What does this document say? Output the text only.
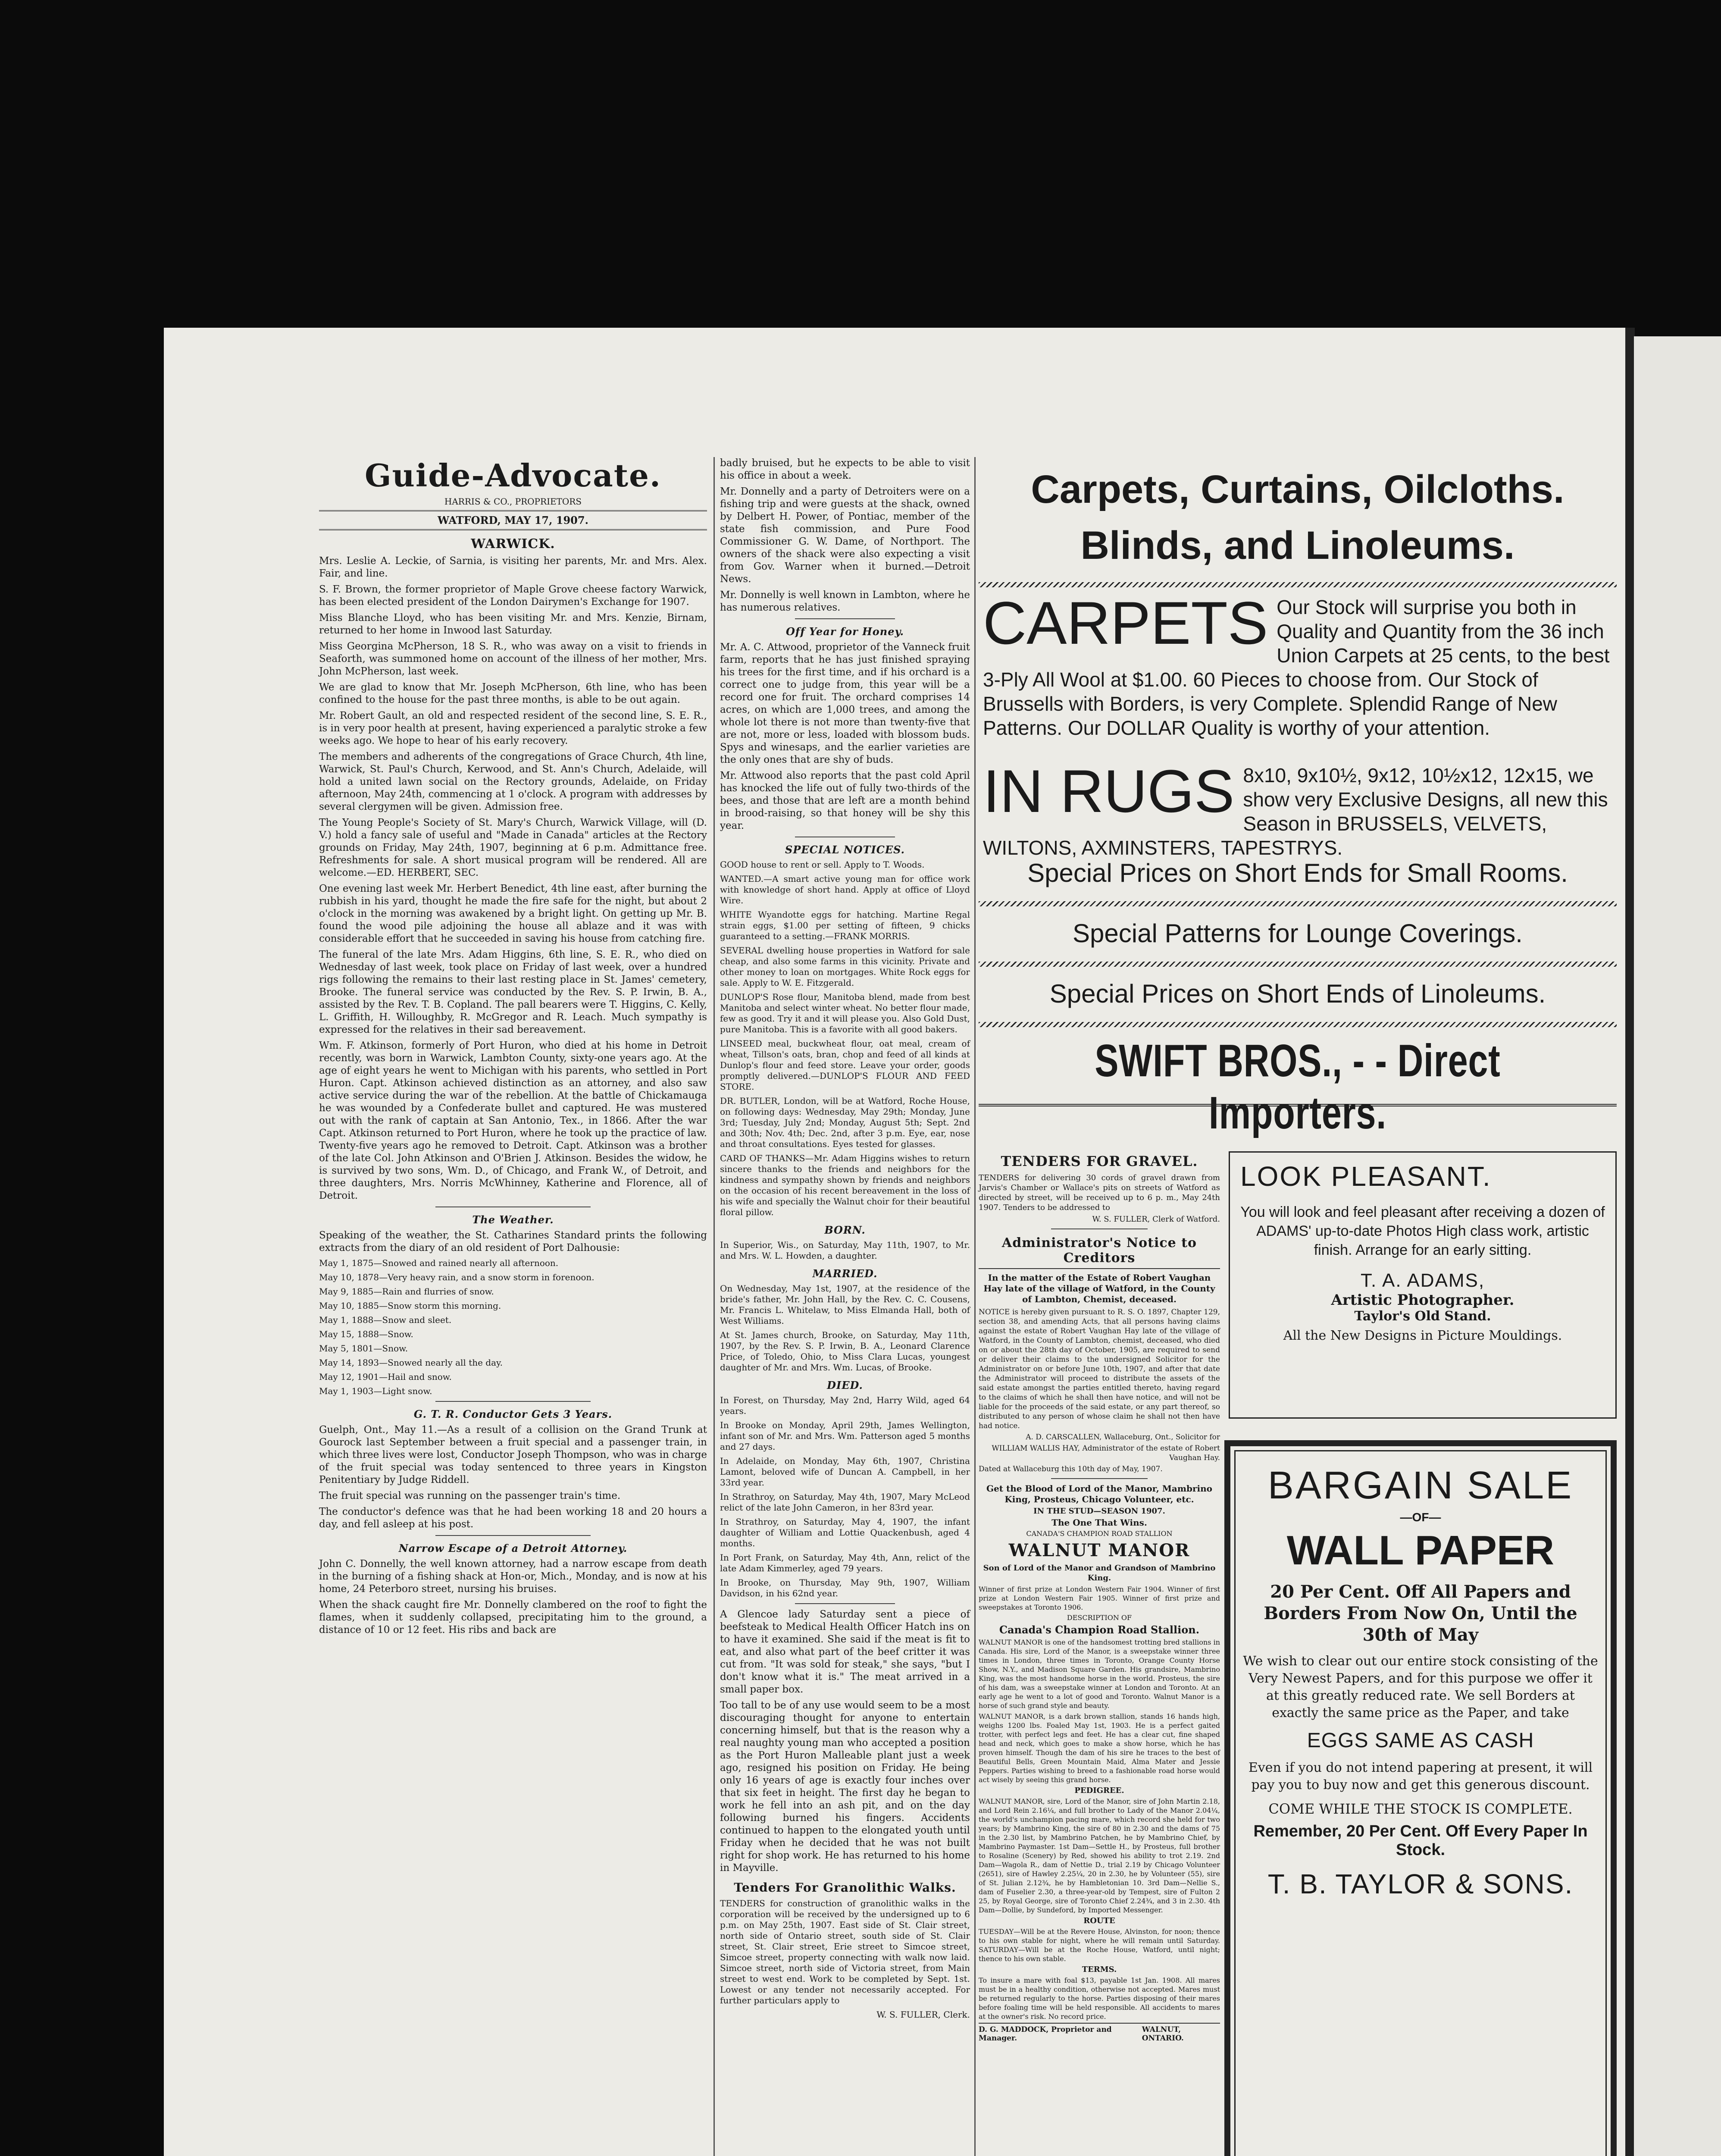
Guide-Advocate.
HARRIS & CO., PROPRIETORS
WATFORD, MAY 17, 1907.
WARWICK.

Mrs. Leslie A. Leckie, of Sarnia, is visiting her parents, Mr. and Mrs. Alex. Fair, and line.

S. F. Brown, the former proprietor of Maple Grove cheese factory Warwick, has been elected president of the London Dairymen's Exchange for 1907.

Miss Blanche Lloyd, who has been visiting Mr. and Mrs. Kenzie, Birnam, returned to her home in Inwood last Saturday.

Miss Georgina McPherson, 18 S. R., who was away on a visit to friends in Seaforth, was summoned home on account of the illness of her mother, Mrs. John McPherson, last week.

We are glad to know that Mr. Joseph McPherson, 6th line, who has been confined to the house for the past three months, is able to be out again.

Mr. Robert Gault, an old and respected resident of the second line, S. E. R., is in very poor health at present, having experienced a paralytic stroke a few weeks ago. We hope to hear of his early recovery.

The members and adherents of the congregations of Grace Church, 4th line, Warwick, St. Paul's Church, Kerwood, and St. Ann's Church, Adelaide, will hold a united lawn social on the Rectory grounds, Adelaide, on Friday afternoon, May 24th, commencing at 1 o'clock. A program with addresses by several clergymen will be given. Admission free.

The Young People's Society of St. Mary's Church, Warwick Village, will (D. V.) hold a fancy sale of useful and "Made in Canada" articles at the Rectory grounds on Friday, May 24th, 1907, beginning at 6 p.m. Admittance free. Refreshments for sale. A short musical program will be rendered. All are welcome.—ED. HERBERT, SEC.

One evening last week Mr. Herbert Benedict, 4th line east, after burning the rubbish in his yard, thought he made the fire safe for the night, but about 2 o'clock in the morning was awakened by a bright light. On getting up Mr. B. found the wood pile adjoining the house all ablaze and it was with considerable effort that he succeeded in saving his house from catching fire.

The funeral of the late Mrs. Adam Higgins, 6th line, S. E. R., who died on Wednesday of last week, took place on Friday of last week, over a hundred rigs following the remains to their last resting place in St. James' cemetery, Brooke. The funeral service was conducted by the Rev. S. P. Irwin, B. A., assisted by the Rev. T. B. Copland. The pall bearers were T. Higgins, C. Kelly, L. Griffith, H. Willoughby, R. McGregor and R. Leach. Much sympathy is expressed for the relatives in their sad bereavement.

Wm. F. Atkinson, formerly of Port Huron, who died at his home in Detroit recently, was born in Warwick, Lambton County, sixty-one years ago. At the age of eight years he went to Michigan with his parents, who settled in Port Huron. Capt. Atkinson achieved distinction as an attorney, and also saw active service during the war of the rebellion. At the battle of Chickamauga he was wounded by a Confederate bullet and captured. He was mustered out with the rank of captain at San Antonio, Tex., in 1866. After the war Capt. Atkinson returned to Port Huron, where he took up the practice of law. Twenty-five years ago he removed to Detroit. Capt. Atkinson was a brother of the late Col. John Atkinson and O'Brien J. Atkinson. Besides the widow, he is survived by two sons, Wm. D., of Chicago, and Frank W., of Detroit, and three daughters, Mrs. Norris McWhinney, Katherine and Florence, all of Detroit.

The Weather.

Speaking of the weather, the St. Catharines Standard prints the following extracts from the diary of an old resident of Port Dalhousie:

May 1, 1875—Snowed and rained nearly all afternoon.

May 10, 1878—Very heavy rain, and a snow storm in forenoon.

May 9, 1885—Rain and flurries of snow.

May 10, 1885—Snow storm this morning.

May 1, 1888—Snow and sleet.

May 15, 1888—Snow.

May 5, 1801—Snow.

May 14, 1893—Snowed nearly all the day.

May 12, 1901—Hail and snow.

May 1, 1903—Light snow.

G. T. R. Conductor Gets 3 Years.

Guelph, Ont., May 11.—As a result of a collision on the Grand Trunk at Gourock last September between a fruit special and a passenger train, in which three lives were lost, Conductor Joseph Thompson, who was in charge of the fruit special was today sentenced to three years in Kingston Penitentiary by Judge Riddell.

The fruit special was running on the passenger train's time.

The conductor's defence was that he had been working 18 and 20 hours a day, and fell asleep at his post.

Narrow Escape of a Detroit Attorney.

John C. Donnelly, the well known attorney, had a narrow escape from death in the burning of a fishing shack at Hon-or, Mich., Monday, and is now at his home, 24 Peterboro street, nursing his bruises.

When the shack caught fire Mr. Donnelly clambered on the roof to fight the flames, when it suddenly collapsed, precipitating him to the ground, a distance of 10 or 12 feet. His ribs and back are

badly bruised, but he expects to be able to visit his office in about a week.

Mr. Donnelly and a party of Detroiters were on a fishing trip and were guests at the shack, owned by Delbert H. Power, of Pontiac, member of the state fish commission, and Pure Food Commissioner G. W. Dame, of Northport. The owners of the shack were also expecting a visit from Gov. Warner when it burned.—Detroit News.

Mr. Donnelly is well known in Lambton, where he has numerous relatives.

Off Year for Honey.

Mr. A. C. Attwood, proprietor of the Vanneck fruit farm, reports that he has just finished spraying his trees for the first time, and if his orchard is a correct one to judge from, this year will be a record one for fruit. The orchard comprises 14 acres, on which are 1,000 trees, and among the whole lot there is not more than twenty-five that are not, more or less, loaded with blossom buds. Spys and winesaps, and the earlier varieties are the only ones that are shy of buds.

Mr. Attwood also reports that the past cold April has knocked the life out of fully two-thirds of the bees, and those that are left are a month behind in brood-raising, so that honey will be shy this year.

SPECIAL NOTICES.

GOOD house to rent or sell. Apply to T. Woods.

WANTED.—A smart active young man for office work with knowledge of short hand. Apply at office of Lloyd Wire.

WHITE Wyandotte eggs for hatching. Martine Regal strain eggs, $1.00 per setting of fifteen, 9 chicks guaranteed to a setting.—FRANK MORRIS.

SEVERAL dwelling house properties in Watford for sale cheap, and also some farms in this vicinity. Private and other money to loan on mortgages. White Rock eggs for sale. Apply to W. E. Fitzgerald.

DUNLOP'S Rose flour, Manitoba blend, made from best Manitoba and select winter wheat. No better flour made, few as good. Try it and it will please you. Also Gold Dust, pure Manitoba. This is a favorite with all good bakers.

LINSEED meal, buckwheat flour, oat meal, cream of wheat, Tillson's oats, bran, chop and feed of all kinds at Dunlop's flour and feed store. Leave your order, goods promptly delivered.—DUNLOP'S FLOUR AND FEED STORE.

DR. BUTLER, London, will be at Watford, Roche House, on following days: Wednesday, May 29th; Monday, June 3rd; Tuesday, July 2nd; Monday, August 5th; Sept. 2nd and 30th; Nov. 4th; Dec. 2nd, after 3 p.m. Eye, ear, nose and throat consultations. Eyes tested for glasses.

CARD OF THANKS—Mr. Adam Higgins wishes to return sincere thanks to the friends and neighbors for the kindness and sympathy shown by friends and neighbors on the occasion of his recent bereavement in the loss of his wife and specially the Walnut choir for their beautiful floral pillow.

BORN.

In Superior, Wis., on Saturday, May 11th, 1907, to Mr. and Mrs. W. L. Howden, a daughter.

MARRIED.

On Wednesday, May 1st, 1907, at the residence of the bride's father, Mr. John Hall, by the Rev. C. C. Cousens, Mr. Francis L. Whitelaw, to Miss Elmanda Hall, both of West Williams.

At St. James church, Brooke, on Saturday, May 11th, 1907, by the Rev. S. P. Irwin, B. A., Leonard Clarence Price, of Toledo, Ohio, to Miss Clara Lucas, youngest daughter of Mr. and Mrs. Wm. Lucas, of Brooke.

DIED.

In Forest, on Thursday, May 2nd, Harry Wild, aged 64 years.

In Brooke on Monday, April 29th, James Wellington, infant son of Mr. and Mrs. Wm. Patterson aged 5 months and 27 days.

In Adelaide, on Monday, May 6th, 1907, Christina Lamont, beloved wife of Duncan A. Campbell, in her 33rd year.

In Strathroy, on Saturday, May 4th, 1907, Mary McLeod relict of the late John Cameron, in her 83rd year.

In Strathroy, on Saturday, May 4, 1907, the infant daughter of William and Lottie Quackenbush, aged 4 months.

In Port Frank, on Saturday, May 4th, Ann, relict of the late Adam Kimmerley, aged 79 years.

In Brooke, on Thursday, May 9th, 1907, William Davidson, in his 62nd year.

A Glencoe lady Saturday sent a piece of beefsteak to Medical Health Officer Hatch ins on to have it examined. She said if the meat is fit to eat, and also what part of the beef critter it was cut from. "It was sold for steak," she says, "but I don't know what it is." The meat arrived in a small paper box.

Too tall to be of any use would seem to be a most discouraging thought for anyone to entertain concerning himself, but that is the reason why a real naughty young man who accepted a position as the Port Huron Malleable plant just a week ago, resigned his position on Friday. He being only 16 years of age is exactly four inches over that six feet in height. The first day he began to work he fell into an ash pit, and on the day following burned his fingers. Accidents continued to happen to the elongated youth until Friday when he decided that he was not built right for shop work. He has returned to his home in Mayville.

Tenders For Granolithic Walks.

TENDERS for construction of granolithic walks in the corporation will be received by the undersigned up to 6 p.m. on May 25th, 1907. East side of St. Clair street, north side of Ontario street, south side of St. Clair street, St. Clair street, Erie street to Simcoe street, Simcoe street, property connecting with walk now laid. Simcoe street, north side of Victoria street, from Main street to west end. Work to be completed by Sept. 1st. Lowest or any tender not necessarily accepted. For further particulars apply to

W. S. FULLER, Clerk.

Carpets, Curtains, Oilcloths.
Blinds, and Linoleums.
CARPETS Our Stock will surprise you both in Quality and Quantity from the 36 inch Union Carpets at 25 cents, to the best 3-Ply All Wool at $1.00. 60 Pieces to choose from. Our Stock of Brussells with Borders, is very Complete. Splendid Range of New Patterns. Our DOLLAR Quality is worthy of your attention.
IN RUGS 8x10, 9x10½, 9x12, 10½x12, 12x15, we show very Exclusive Designs, all new this Season in BRUSSELS, VELVETS, WILTONS, AXMINSTERS, TAPESTRYS.
Special Prices on Short Ends for Small Rooms.
Special Patterns for Lounge Coverings.
Special Prices on Short Ends of Linoleums.
SWIFT BROS., - - Direct Importers.
TENDERS FOR GRAVEL.

TENDERS for delivering 30 cords of gravel drawn from Jarvis's Chamber or Wallace's pits on streets of Watford as directed by street, will be received up to 6 p. m., May 24th 1907. Tenders to be addressed to

W. S. FULLER, Clerk of Watford.

Administrator's Notice to Creditors

In the matter of the Estate of Robert Vaughan Hay late of the village of Watford, in the County of Lambton, Chemist, deceased.

NOTICE is hereby given pursuant to R. S. O. 1897, Chapter 129, section 38, and amending Acts, that all persons having claims against the estate of Robert Vaughan Hay late of the village of Watford, in the County of Lambton, chemist, deceased, who died on or about the 28th day of October, 1905, are required to send or deliver their claims to the undersigned Solicitor for the Administrator on or before June 10th, 1907, and after that date the Administrator will proceed to distribute the assets of the said estate amongst the parties entitled thereto, having regard to the claims of which he shall then have notice, and will not be liable for the proceeds of the said estate, or any part thereof, so distributed to any person of whose claim he shall not then have had notice.

A. D. CARSCALLEN, Wallaceburg, Ont., Solicitor for

WILLIAM WALLIS HAY, Administrator of the estate of Robert Vaughan Hay.

Dated at Wallaceburg this 10th day of May, 1907.

Get the Blood of Lord of the Manor, Mambrino King, Prosteus, Chicago Volunteer, etc.

IN THE STUD—SEASON 1907.

The One That Wins.

CANADA'S CHAMPION ROAD STALLION

WALNUT MANOR

Son of Lord of the Manor and Grandson of Mambrino King.

Winner of first prize at London Western Fair 1904. Winner of first prize at London Western Fair 1905. Winner of first prize and sweepstakes at Toronto 1906.

DESCRIPTION OF

Canada's Champion Road Stallion.

WALNUT MANOR is one of the handsomest trotting bred stallions in Canada. His sire, Lord of the Manor, is a sweepstake winner three times in London, three times in Toronto, Orange County Horse Show, N.Y., and Madison Square Garden. His grandsire, Mambrino King, was the most handsome horse in the world. Prosteus, the sire of his dam, was a sweepstake winner at London and Toronto. At an early age he went to a lot of good and Toronto. Walnut Manor is a horse of such grand style and beauty.

WALNUT MANOR, is a dark brown stallion, stands 16 hands high, weighs 1200 lbs. Foaled May 1st, 1903. He is a perfect gaited trotter, with perfect legs and feet. He has a clear cut, fine shaped head and neck, which goes to make a show horse, which he has proven himself. Though the dam of his sire he traces to the best of Beautiful Bells, Green Mountain Maid, Alma Mater and Jessie Peppers. Parties wishing to breed to a fashionable road horse would act wisely by seeing this grand horse.

PEDIGREE.

WALNUT MANOR, sire, Lord of the Manor, sire of John Martin 2.18, and Lord Rein 2.16¼, and full brother to Lady of the Manor 2.04¼, the world's unchampion pacing mare, which record she held for two years; by Mambrino King, the sire of 80 in 2.30 and the dams of 75 in the 2.30 list, by Mambrino Patchen, he by Mambrino Chief, by Mambrino Paymaster. 1st Dam—Settle H., by Prosteus, full brother to Rosaline (Scenery) by Red, showed his ability to trot 2.19. 2nd Dam—Wagola R., dam of Nettie D., trial 2.19 by Chicago Volunteer (2651), sire of Hawley 2.25¼, 20 in 2.30, he by Volunteer (55), sire of St. Julian 2.12¾, he by Hambletonian 10. 3rd Dam—Nellie S., dam of Fuselier 2.30, a three-year-old by Tempest, sire of Fulton 2 25, by Royal George, sire of Toronto Chief 2.24¾, and 3 in 2.30. 4th Dam—Dollie, by Sundeford, by Imported Messenger.

ROUTE

TUESDAY—Will be at the Revere House, Alvinston, for noon; thence to his own stable for night, where he will remain until Saturday. SATURDAY—Will be at the Roche House, Watford, until night; thence to his own stable.

TERMS.

To insure a mare with foal $13, payable 1st Jan. 1908. All mares must be in a healthy condition, otherwise not accepted. Mares must be returned regularly to the horse. Parties disposing of their mares before foaling time will be held responsible. All accidents to mares at the owner's risk. No record price.

D. G. MADDOCK, Proprietor and Manager.
WALNUT, ONTARIO.
LOOK PLEASANT.
You will look and feel pleasant after receiving a dozen of ADAMS' up-to-date Photos High class work, artistic finish. Arrange for an early sitting.
T. A. ADAMS,
Artistic Photographer.
Taylor's Old Stand.
All the New Designs in Picture Mouldings.
BARGAIN SALE
—OF—
WALL PAPER
20 Per Cent. Off All Papers and Borders From Now On, Until the 30th of May
We wish to clear out our entire stock consisting of the Very Newest Papers, and for this purpose we offer it at this greatly reduced rate. We sell Borders at exactly the same price as the Paper, and take
EGGS SAME AS CASH
Even if you do not intend papering at present, it will pay you to buy now and get this generous discount.
COME WHILE THE STOCK IS COMPLETE.
Remember, 20 Per Cent. Off Every Paper In Stock.
T. B. TAYLOR & SONS.
